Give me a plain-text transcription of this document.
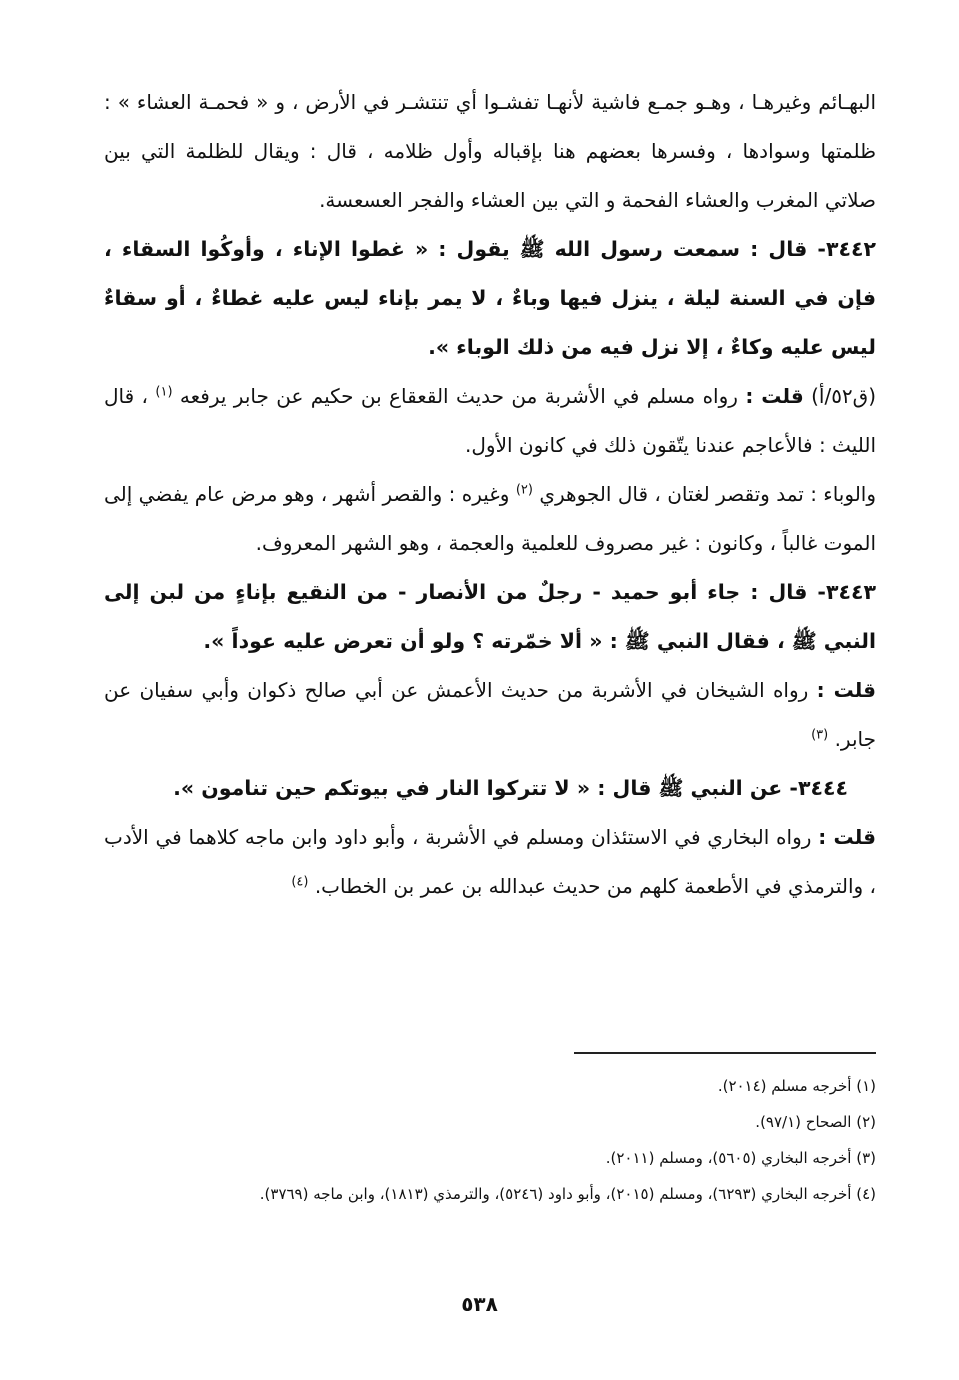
البهـائم وغيرهـا ، وهـو جمـع فاشية لأنهـا تفشـوا أي تنتشـر في الأرض ، و « فحمـة العشاء » : ظلمتها وسوادها ، وفسرها بعضهم هنا بإقباله وأول ظلامه ، قال : ويقال للظلمة التي بين صلاتي المغرب والعشاء الفحمة و التي بين العشاء والفجر العسعسة.

٣٤٤٢- قال : سمعت رسول الله ﷺ يقول : « غطوا الإناء ، وأوكُوا السقاء ، فإن في السنة ليلة ، ينزل فيها وباءٌ ، لا يمر بإناء ليس عليه غطاءٌ ، أو سقاءٌ ليس عليه وكاءٌ ، إلا نزل فيه من ذلك الوباء ».

(ق٥٢/أ) قلت : رواه مسلم في الأشربة من حديث القعقاع بن حكيم عن جابر يرفعه $^{(١)}$ ، قال الليث : فالأعاجم عندنا يتّقون ذلك في كانون الأول.

والوباء : تمد وتقصر لغتان ، قال الجوهري $^{(٢)}$ وغيره : والقصر أشهر ، وهو مرض عام يفضي إلى الموت غالباً ، وكانون : غير مصروف للعلمية والعجمة ، وهو الشهر المعروف.

٣٤٤٣- قال : جاء أبو حميد - رجلٌ من الأنصار - من النقيع بإناءٍ من لبن إلى النبي ﷺ ، فقال النبي ﷺ : « ألا خمّرته ؟ ولو أن تعرض عليه عوداً ».

قلت : رواه الشيخان في الأشربة من حديث الأعمش عن أبي صالح ذكوان وأبي سفيان عن جابر. $^{(٣)}$

٣٤٤٤- عن النبي ﷺ قال : « لا تتركوا النار في بيوتكم حين تنامون ».

قلت : رواه البخاري في الاستئذان ومسلم في الأشربة ، وأبو داود وابن ماجه كلاهما في الأدب ، والترمذي في الأطعمة كلهم من حديث عبدالله بن عمر بن الخطاب. $^{(٤)}$

(١) أخرجه مسلم (٢٠١٤).

(٢) الصحاح (٩٧/١).

(٣) أخرجه البخاري (٥٦٠٥)، ومسلم (٢٠١١).

(٤) أخرجه البخاري (٦٢٩٣)، ومسلم (٢٠١٥)، وأبو داود (٥٢٤٦)، والترمذي (١٨١٣)، وابن ماجه (٣٧٦٩).

٥٣٨
